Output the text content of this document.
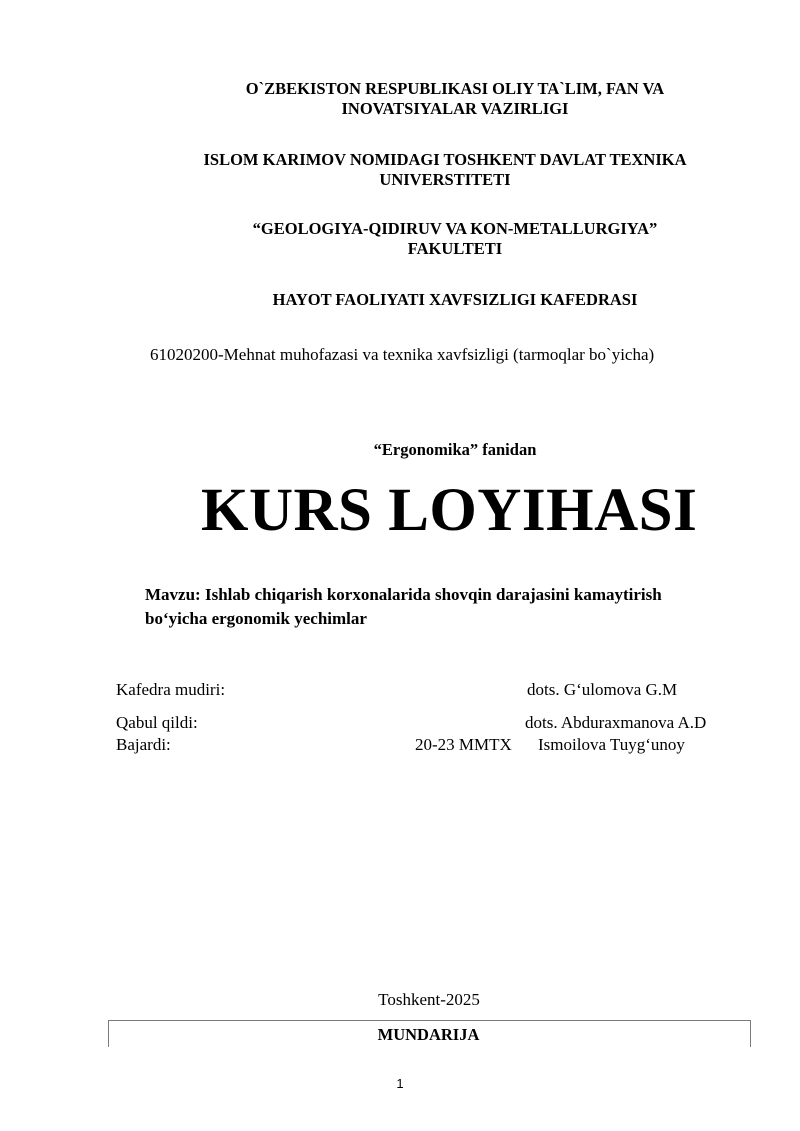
O`ZBEKISTON RESPUBLIKASI OLIY TA`LIM, FAN VA
INOVATSIYALAR VAZIRLIGI
ISLOM KARIMOV NOMIDAGI TOSHKENT DAVLAT TEXNIKA
UNIVERSTITETI
“GEOLOGIYA-QIDIRUV VA KON-METALLURGIYA”
FAKULTETI
HAYOT FAOLIYATI XAVFSIZLIGI KAFEDRASI
61020200-Mehnat muhofazasi va texnika xavfsizligi (tarmoqlar bo`yicha)
“Ergonomika” fanidan
KURS LOYIHASI
Mavzu: Ishlab chiqarish korxonalarida shovqin darajasini kamaytirish
bo‘yicha ergonomik yechimlar
Kafedra mudiri:	dots. G‘ulomova G.M
Qabul qildi:	dots. Abduraxmanova A.D
Bajardi:	20-23 MMTX Ismoilova Tuyg‘unoy
Toshkent-2025
MUNDARIJA
1
